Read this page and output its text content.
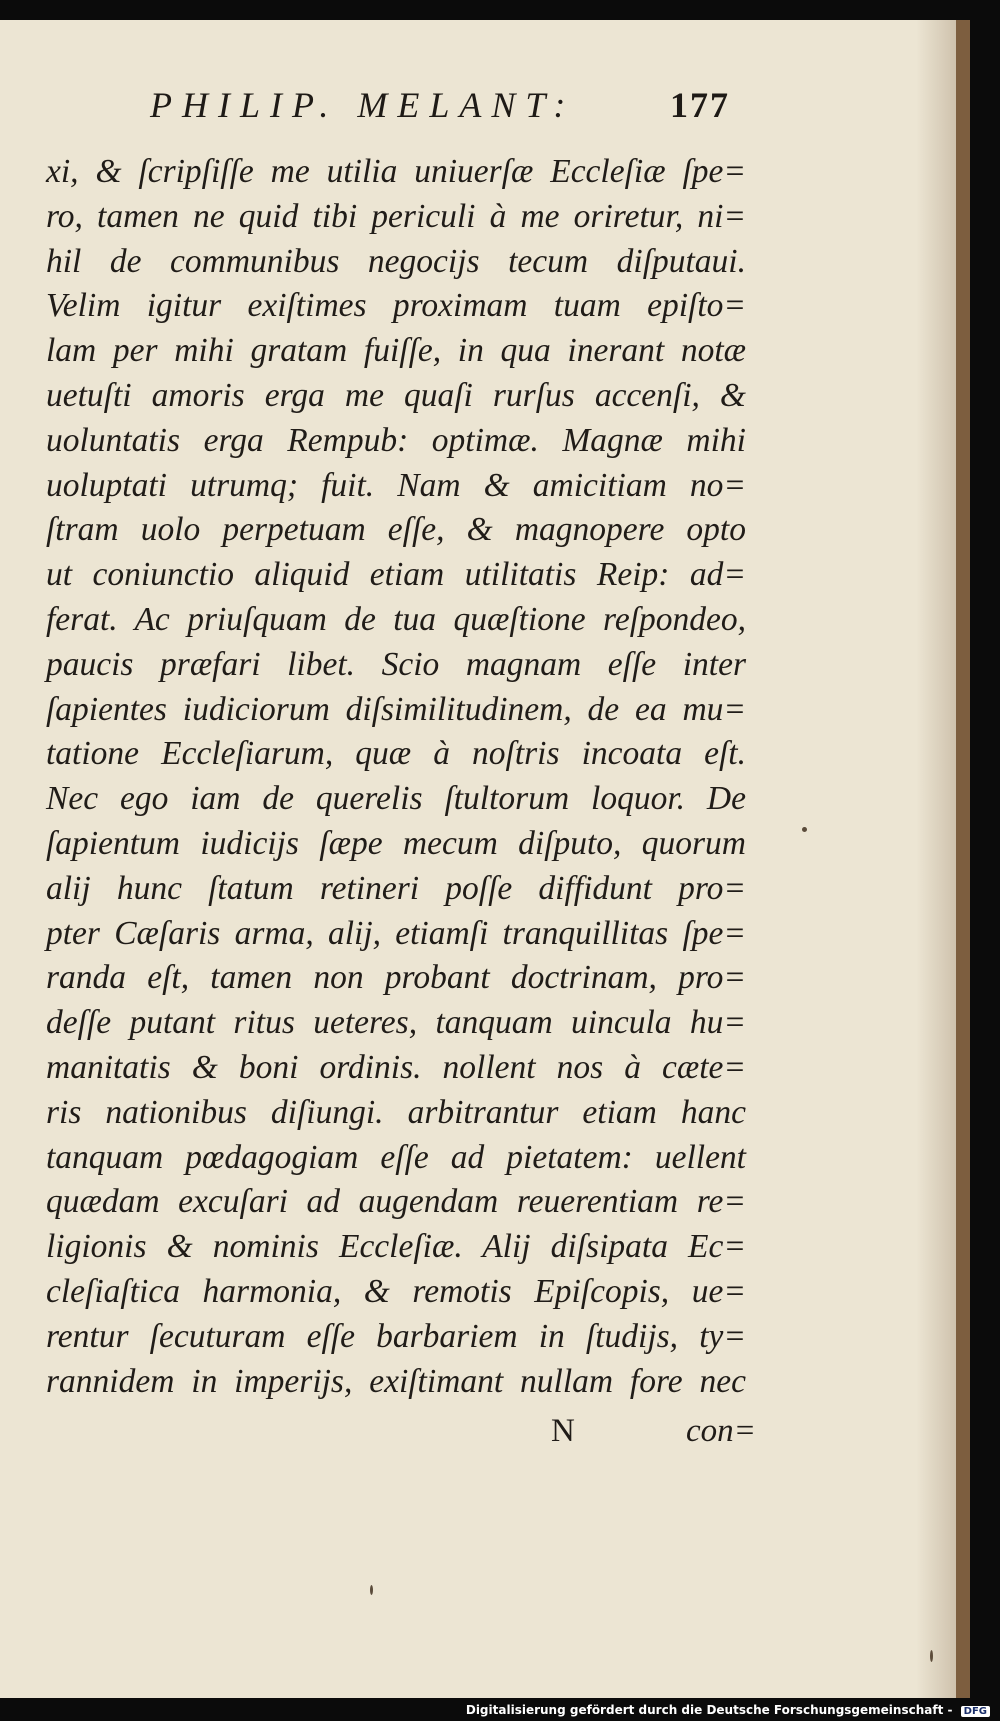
PHILIP. MELANT:	177
xi, & ſcripſiſſe me utilia uniuerſæ Eccleſiæ ſpe=
ro, tamen ne quid tibi periculi à me oriretur, ni=
hil de communibus negocijs tecum diſputaui.
Velim igitur exiſtimes proximam tuam epiſto=
lam per mihi gratam fuiſſe, in qua inerant notæ
uetuſti amoris erga me quaſi rurſus accenſi, &
uoluntatis erga Rempub: optimæ. Magnæ mihi
uoluptati utrumq; fuit. Nam & amicitiam no=
ſtram uolo perpetuam eſſe, & magnopere opto
ut coniunctio aliquid etiam utilitatis Reip: ad=
ferat. Ac priuſquam de tua quæſtione reſpondeo,
paucis præfari libet. Scio magnam eſſe inter
ſapientes iudiciorum diſsimilitudinem, de ea mu=
tatione Eccleſiarum, quæ à noſtris incoata eſt.
Nec ego iam de querelis ſtultorum loquor. De
ſapientum iudicijs ſæpe mecum diſputo, quorum
alij hunc ſtatum retineri poſſe diffidunt pro=
pter Cæſaris arma, alij, etiamſi tranquillitas ſpe=
randa eſt, tamen non probant doctrinam, pro=
deſſe putant ritus ueteres, tanquam uincula hu=
manitatis & boni ordinis. nollent nos à cæte=
ris nationibus diſiungi. arbitrantur etiam hanc
tanquam pœdagogiam eſſe ad pietatem: uellent
quædam excuſari ad augendam reuerentiam re=
ligionis & nominis Eccleſiæ. Alij diſsipata Ec=
cleſiaſtica harmonia, & remotis Epiſcopis, ue=
rentur ſecuturam eſſe barbariem in ſtudijs, ty=
rannidem in imperijs, exiſtimant nullam fore nec
N	con=
Digitalisierung gefördert durch die Deutsche Forschungsgemeinschaft - DFG
